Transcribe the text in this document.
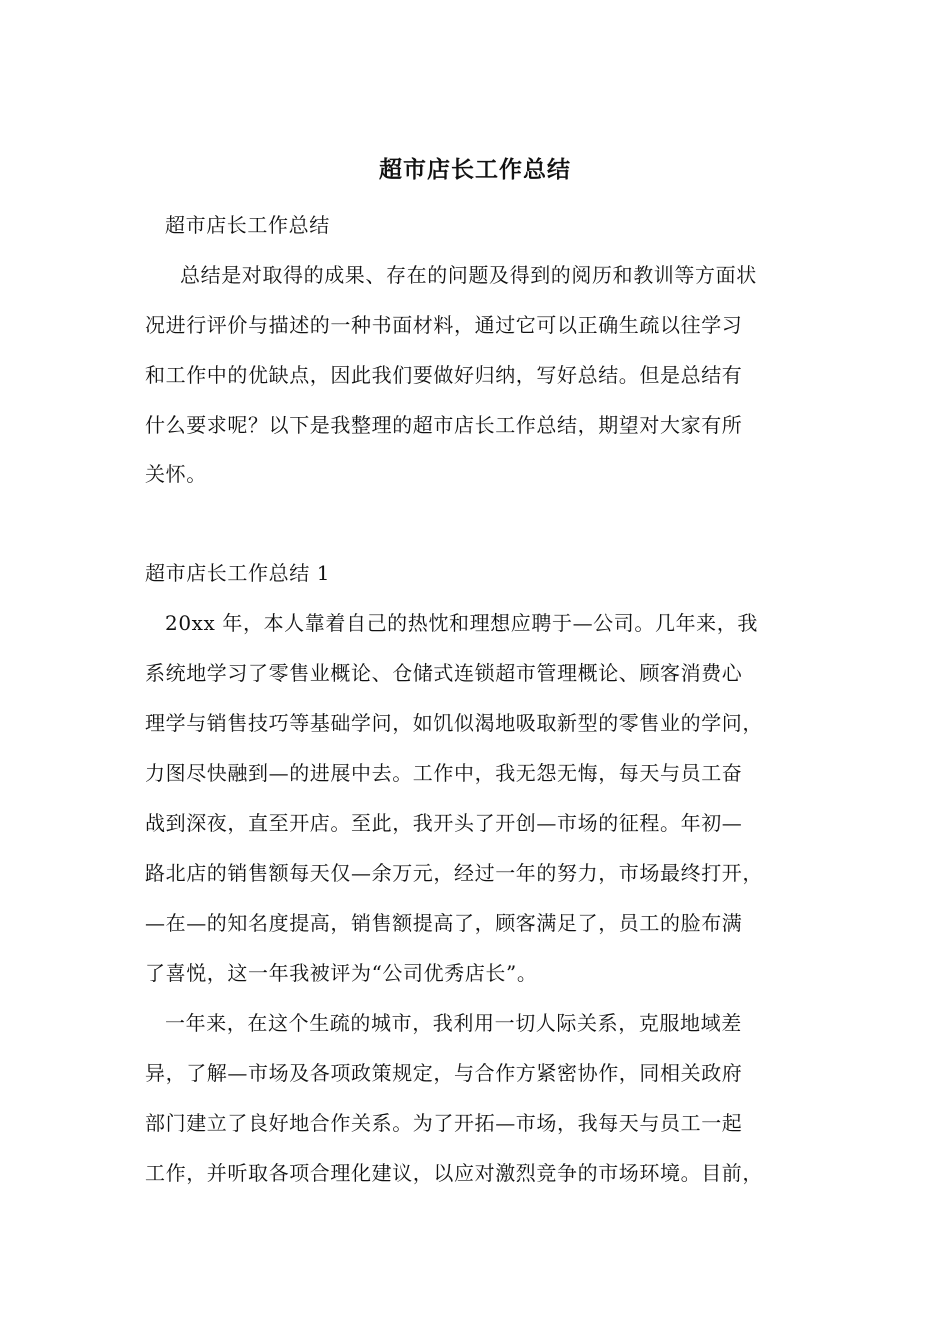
超市店长工作总结
超市店长工作总结
总结是对取得的成果、存在的问题及得到的阅历和教训等方面状
况进行评价与描述的一种书面材料，通过它可以正确生疏以往学习
和工作中的优缺点，因此我们要做好归纳，写好总结。但是总结有
什么要求呢？以下是我整理的超市店长工作总结，期望对大家有所
关怀。
超市店长工作总结 1
20xx 年，本人靠着自己的热忱和理想应聘于—公司。几年来，我
系统地学习了零售业概论、仓储式连锁超市管理概论、顾客消费心
理学与销售技巧等基础学问，如饥似渴地吸取新型的零售业的学问，
力图尽快融到—的进展中去。工作中，我无怨无悔，每天与员工奋
战到深夜，直至开店。至此，我开头了开创—市场的征程。年初—
路北店的销售额每天仅—余万元，经过一年的努力，市场最终打开，
—在—的知名度提高，销售额提高了，顾客满足了，员工的脸布满
了喜悦，这一年我被评为“公司优秀店长”。
一年来，在这个生疏的城市，我利用一切人际关系，克服地域差
异，了解—市场及各项政策规定，与合作方紧密协作，同相关政府
部门建立了良好地合作关系。为了开拓—市场，我每天与员工一起
工作，并听取各项合理化建议，以应对激烈竞争的市场环境。目前，
